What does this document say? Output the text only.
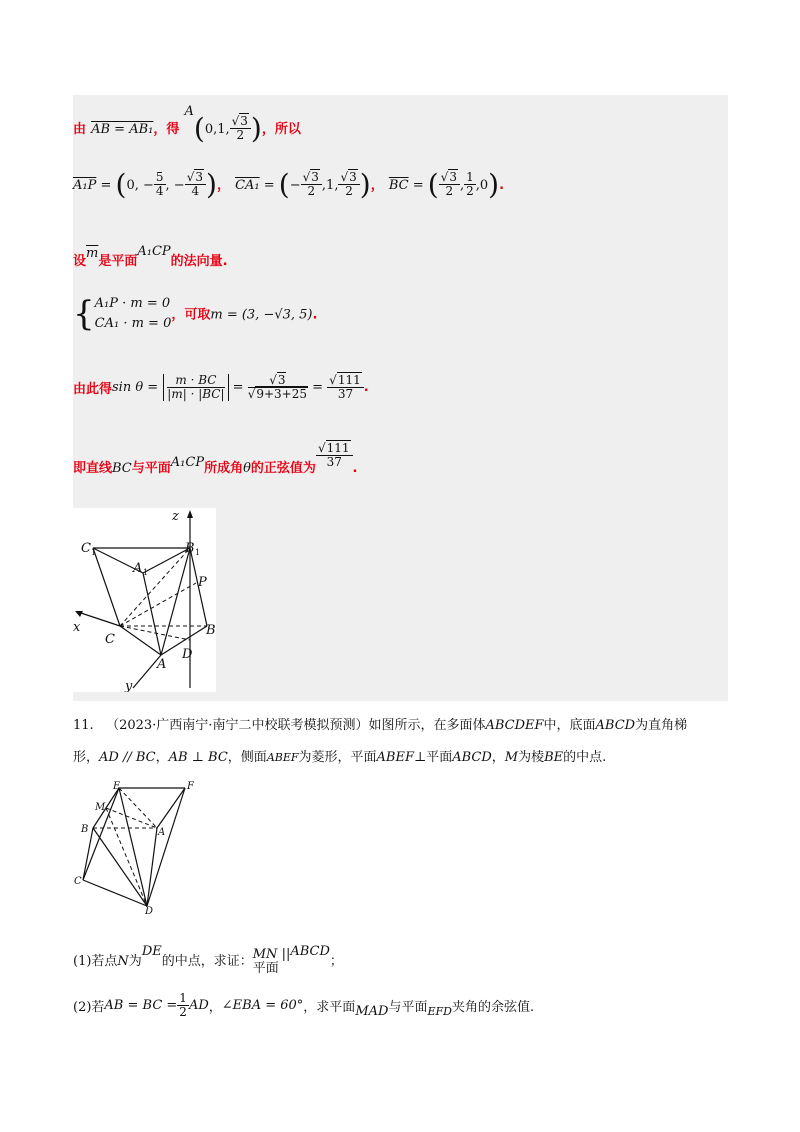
由 AB = AB₁，得 $^A$(0,1, $\frac{√3}{2}$ )，所以
A₁P = (0, − $\frac{5}{4}$ , − $\frac{√3}{4}$ )， CA₁ = (− $\frac{√3}{2} ,1$, $\frac{√3}{2}$ )， $\overline{BC}$ = ( $\frac{√3}{2}$ , $\frac{1}{2} ,0$).
设$^{\overline{m}}$是平面$^{A_1CP}$的法向量.
{ A₁P · m = 0
CA₁ · m = 0
，可取m = (3, −√3, 5).
由此得$\sin \theta = \frac{m \cdot BC}{|m| \cdot |BC|} = \frac{√3}{√9+3+25} = \frac{√111}{37}$ .
即直线BC与平面$^{A_1CP}$所成角θ的正弦值为 $\frac{√111}{37}$ .
z
C 1	B 1
A 1
P
x
C
B
D
A
y
11. （2023·广西南宁·南宁二中校联考模拟预测）如图所示，在多面体ABCDEF中，底面ABCD为直角梯
形，AD // BC，AB ⊥ BC，侧面ABEF为菱形，平面ABEF⊥平面ABCD，M为棱BE的中点.
E	F
M
B	A
C
D
(1)若点N为DE的中点，求证： MN ||
平面
ABCD；
(2)若AB = BC = $\frac{1}{2}$ AD，∠EBA = 60°，求平面MAD与平面$_{EFD}$夹角的余弦值.
